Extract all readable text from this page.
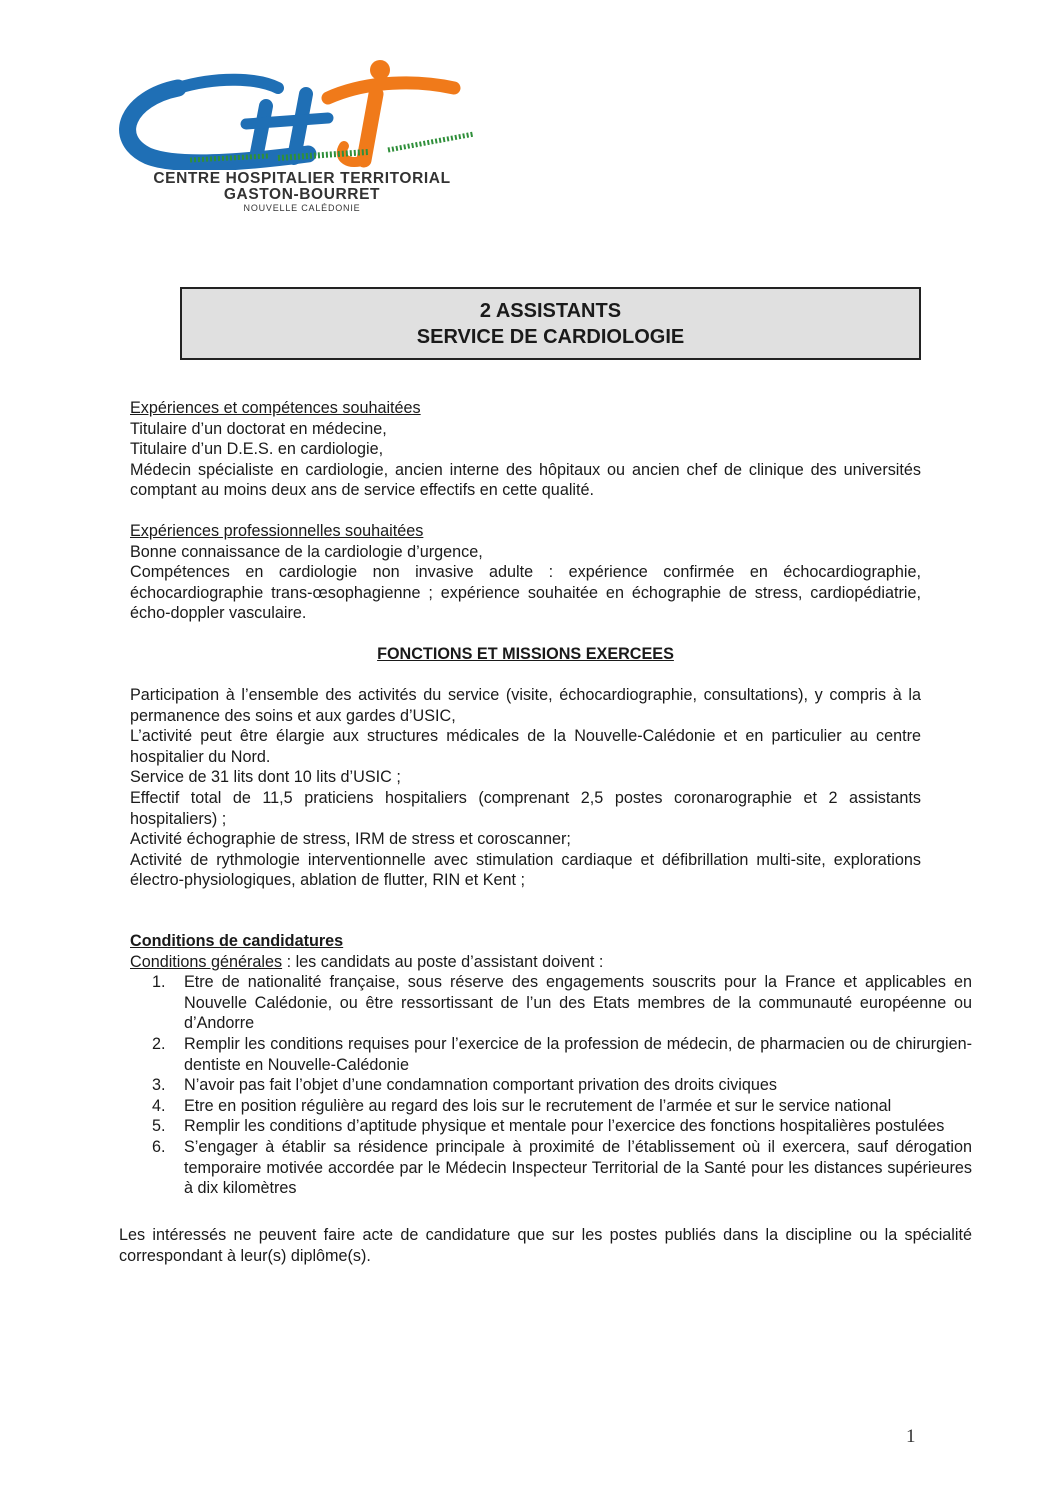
CENTRE HOSPITALIER TERRITORIAL
GASTON-BOURRET
NOUVELLE CALÉDONIE
2 ASSISTANTS
SERVICE DE CARDIOLOGIE

Expériences et compétences souhaitées

Titulaire d’un doctorat en médecine,

Titulaire d’un D.E.S. en cardiologie,

Médecin spécialiste en cardiologie, ancien interne des hôpitaux ou ancien chef de clinique des universités comptant au moins deux ans de service effectifs en cette qualité.

Expériences professionnelles souhaitées

Bonne connaissance de la cardiologie d’urgence,

Compétences en cardiologie non invasive adulte : expérience confirmée en échocardiographie, échocardiographie trans-œsophagienne ; expérience souhaitée en échographie de stress, cardiopédiatrie, écho-doppler vasculaire.

FONCTIONS ET MISSIONS EXERCEES

Participation à l’ensemble des activités du service (visite, échocardiographie, consultations), y compris à la permanence des soins et aux gardes d’USIC,

L’activité peut être élargie aux structures médicales de la Nouvelle-Calédonie et en particulier au centre hospitalier du Nord.

Service de 31 lits dont 10 lits d’USIC ;

Effectif total de 11,5 praticiens hospitaliers (comprenant 2,5 postes coronarographie et 2 assistants hospitaliers) ;

Activité échographie de stress, IRM de stress et coroscanner;

Activité de rythmologie interventionnelle avec stimulation cardiaque et défibrillation multi-site, explorations électro-physiologiques, ablation de flutter, RIN et Kent ;

Conditions de candidatures

Conditions générales : les candidats au poste d’assistant doivent :

1. Etre de nationalité française, sous réserve des engagements souscrits pour la France et applicables en Nouvelle Calédonie, ou être ressortissant de l’un des Etats membres de la communauté européenne ou d’Andorre
2. Remplir les conditions requises pour l’exercice de la profession de médecin, de pharmacien ou de chirurgien-dentiste en Nouvelle-Calédonie
3. N’avoir pas fait l’objet d’une condamnation comportant privation des droits civiques
4. Etre en position régulière au regard des lois sur le recrutement de l’armée et sur le service national
5. Remplir les conditions d’aptitude physique et mentale pour l’exercice des fonctions hospitalières postulées
6. S’engager à établir sa résidence principale à proximité de l’établissement où il exercera, sauf dérogation temporaire motivée accordée par le Médecin Inspecteur Territorial de la Santé pour les distances supérieures à dix kilomètres

Les intéressés ne peuvent faire acte de candidature que sur les postes publiés dans la discipline ou la spécialité correspondant à leur(s) diplôme(s).

1
